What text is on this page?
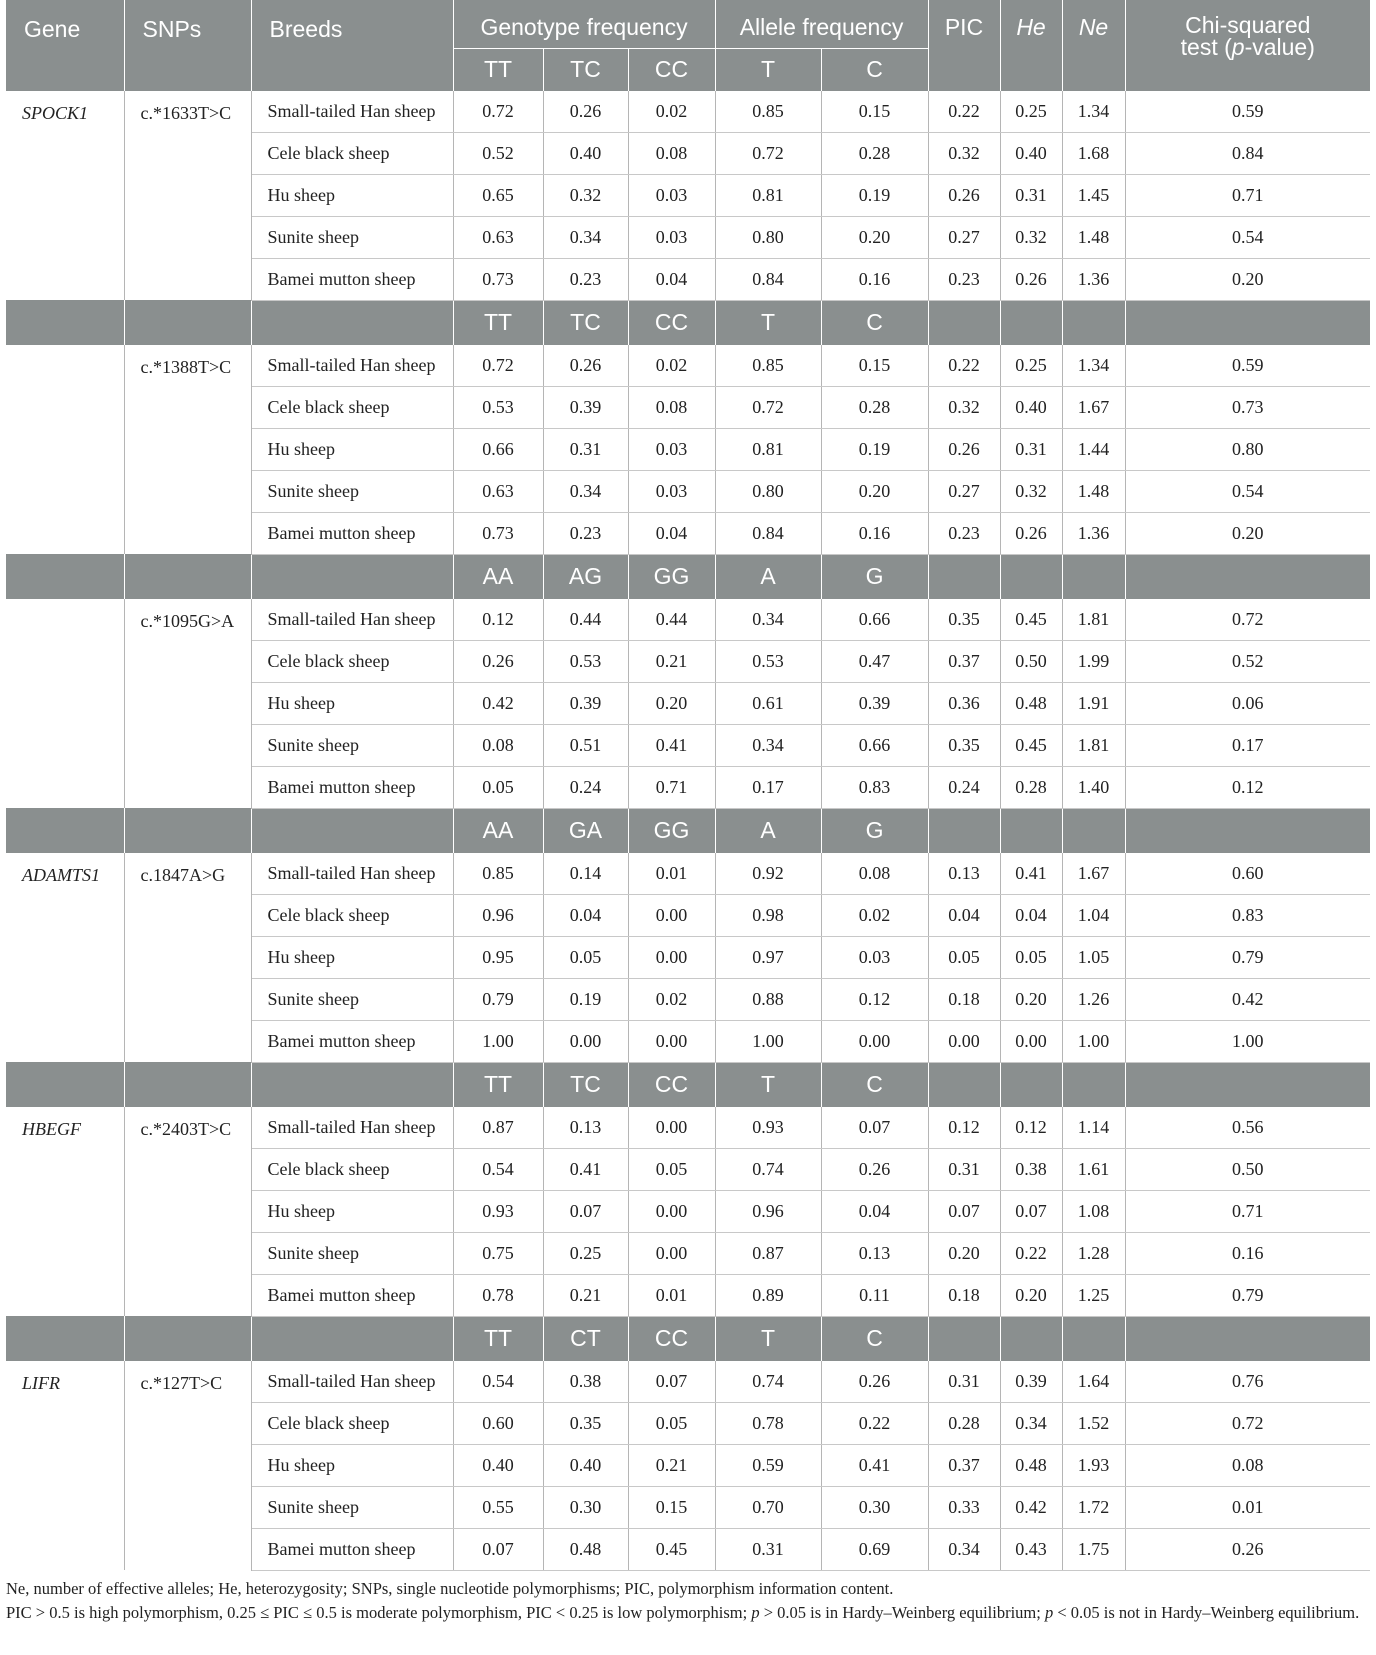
Gene	SNPs	Breeds	Genotype frequency			Allele frequency		PIC	He	Ne	Chi-squared
test (p-value)
			TT	TC	CC	T	C				
SPOCK1	c.*1633T>C	Small-tailed Han sheep	0.72	0.26	0.02	0.85	0.15	0.22	0.25	1.34	0.59
		Cele black sheep	0.52	0.40	0.08	0.72	0.28	0.32	0.40	1.68	0.84
		Hu sheep	0.65	0.32	0.03	0.81	0.19	0.26	0.31	1.45	0.71
		Sunite sheep	0.63	0.34	0.03	0.80	0.20	0.27	0.32	1.48	0.54
		Bamei mutton sheep	0.73	0.23	0.04	0.84	0.16	0.23	0.26	1.36	0.20
			TT	TC	CC	T	C				
	c.*1388T>C	Small-tailed Han sheep	0.72	0.26	0.02	0.85	0.15	0.22	0.25	1.34	0.59
		Cele black sheep	0.53	0.39	0.08	0.72	0.28	0.32	0.40	1.67	0.73
		Hu sheep	0.66	0.31	0.03	0.81	0.19	0.26	0.31	1.44	0.80
		Sunite sheep	0.63	0.34	0.03	0.80	0.20	0.27	0.32	1.48	0.54
		Bamei mutton sheep	0.73	0.23	0.04	0.84	0.16	0.23	0.26	1.36	0.20
			AA	AG	GG	A	G				
	c.*1095G>A	Small-tailed Han sheep	0.12	0.44	0.44	0.34	0.66	0.35	0.45	1.81	0.72
		Cele black sheep	0.26	0.53	0.21	0.53	0.47	0.37	0.50	1.99	0.52
		Hu sheep	0.42	0.39	0.20	0.61	0.39	0.36	0.48	1.91	0.06
		Sunite sheep	0.08	0.51	0.41	0.34	0.66	0.35	0.45	1.81	0.17
		Bamei mutton sheep	0.05	0.24	0.71	0.17	0.83	0.24	0.28	1.40	0.12
			AA	GA	GG	A	G				
ADAMTS1	c.1847A>G	Small-tailed Han sheep	0.85	0.14	0.01	0.92	0.08	0.13	0.41	1.67	0.60
		Cele black sheep	0.96	0.04	0.00	0.98	0.02	0.04	0.04	1.04	0.83
		Hu sheep	0.95	0.05	0.00	0.97	0.03	0.05	0.05	1.05	0.79
		Sunite sheep	0.79	0.19	0.02	0.88	0.12	0.18	0.20	1.26	0.42
		Bamei mutton sheep	1.00	0.00	0.00	1.00	0.00	0.00	0.00	1.00	1.00
			TT	TC	CC	T	C				
HBEGF	c.*2403T>C	Small-tailed Han sheep	0.87	0.13	0.00	0.93	0.07	0.12	0.12	1.14	0.56
		Cele black sheep	0.54	0.41	0.05	0.74	0.26	0.31	0.38	1.61	0.50
		Hu sheep	0.93	0.07	0.00	0.96	0.04	0.07	0.07	1.08	0.71
		Sunite sheep	0.75	0.25	0.00	0.87	0.13	0.20	0.22	1.28	0.16
		Bamei mutton sheep	0.78	0.21	0.01	0.89	0.11	0.18	0.20	1.25	0.79
			TT	CT	CC	T	C				
LIFR	c.*127T>C	Small-tailed Han sheep	0.54	0.38	0.07	0.74	0.26	0.31	0.39	1.64	0.76
		Cele black sheep	0.60	0.35	0.05	0.78	0.22	0.28	0.34	1.52	0.72
		Hu sheep	0.40	0.40	0.21	0.59	0.41	0.37	0.48	1.93	0.08
		Sunite sheep	0.55	0.30	0.15	0.70	0.30	0.33	0.42	1.72	0.01
		Bamei mutton sheep	0.07	0.48	0.45	0.31	0.69	0.34	0.43	1.75	0.26

Ne, number of effective alleles; He, heterozygosity; SNPs, single nucleotide polymorphisms; PIC, polymorphism information content.

PIC > 0.5 is high polymorphism, 0.25 ≤ PIC ≤ 0.5 is moderate polymorphism, PIC < 0.25 is low polymorphism; p > 0.05 is in Hardy–Weinberg equilibrium; p < 0.05 is not in Hardy–Weinberg equilibrium.
